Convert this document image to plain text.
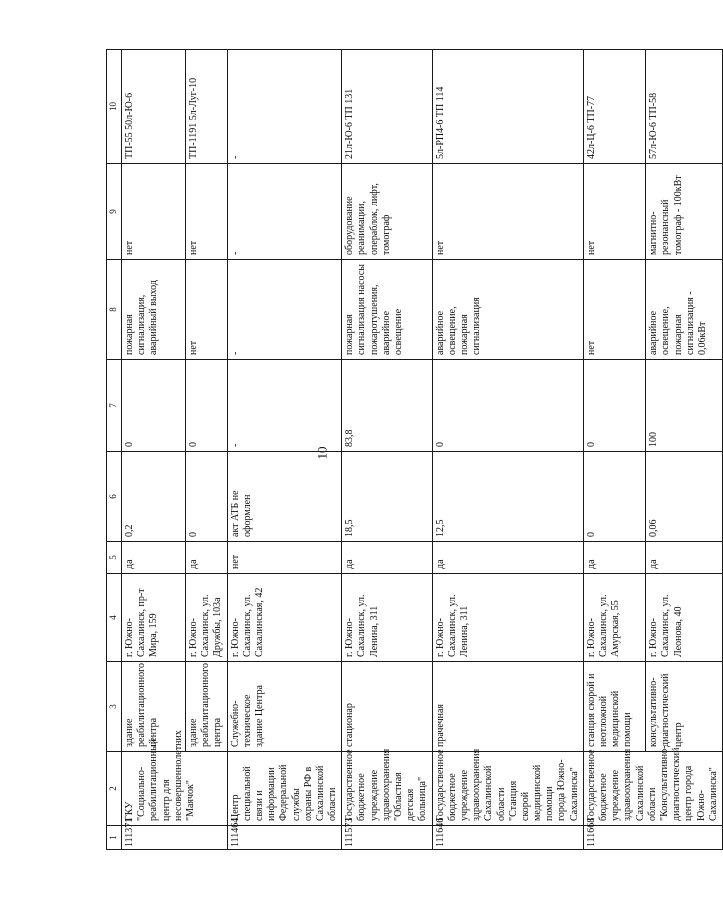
10
1	2	3	4	5	6	7	8	9	10
111371	ГКУ "Социально-реабилитационный центр для несовершеннолетних "Маячок"	здание реабилитационного центра	г. Южно-Сахалинск, пр-т Мира, 159	да	0,2	0	пожарная сигнализация, аварийный выход	нет	ТП-55 50л-Ю-6
		здание реабилитационного центра	г. Южно-Сахалинск, ул. Дружбы, 103а	да	0	0	нет	нет	ТП-1191 5л-Луг-10
111464	Центр специальной связи и информации Федеральной службы охраны РФ в Сахалинской области	Служебно-техническое здание Центра	г. Южно-Сахалинск, ул. Сахалинская, 42	нет	акт АТБ не оформлен	-	-	-	-
111573	Государственное бюджетное учреждение здравоохранения "Областная детская больница"	стационар	г. Южно-Сахалинск, ул. Ленина, 311	да	18,5	83,8	пожарная сигнализация насосы пожаротушения, аварийное освещение	оборудование реанимации, операблок, лифт, томограф	21л-Ю-6 ТП 131
111646	Государственное бюджетное учреждение здравоохранения Сахалинской области "Станция скорой медицинской помощи города Южно-Сахалинска"	прачечная	г. Южно-Сахалинск, ул. Ленина, 311	да	12,5	0	аварийное освещение, пожарная сигнализация	нет	5л-РП4-6 ТП 114
111668	Государственное бюджетное учреждение здравоохранения Сахалинской области "Консультативно-диагностический центр города Южно-Сахалинска"	станция скорой и неотложной медицинской помощи	г. Южно-Сахалинск, ул. Амурская, 55	да	0	0	нет	нет	42л-Ц-6 ТП-77
		консультативно-диагностический центр	г. Южно-Сахалинск, ул. Леонова, 40	да	0,06	100	аварийное освещение, пожарная сигнализация - 0,06кВт	магнитно-резонансный томограф - 100кВт	57л-Ю-6 ТП-58
